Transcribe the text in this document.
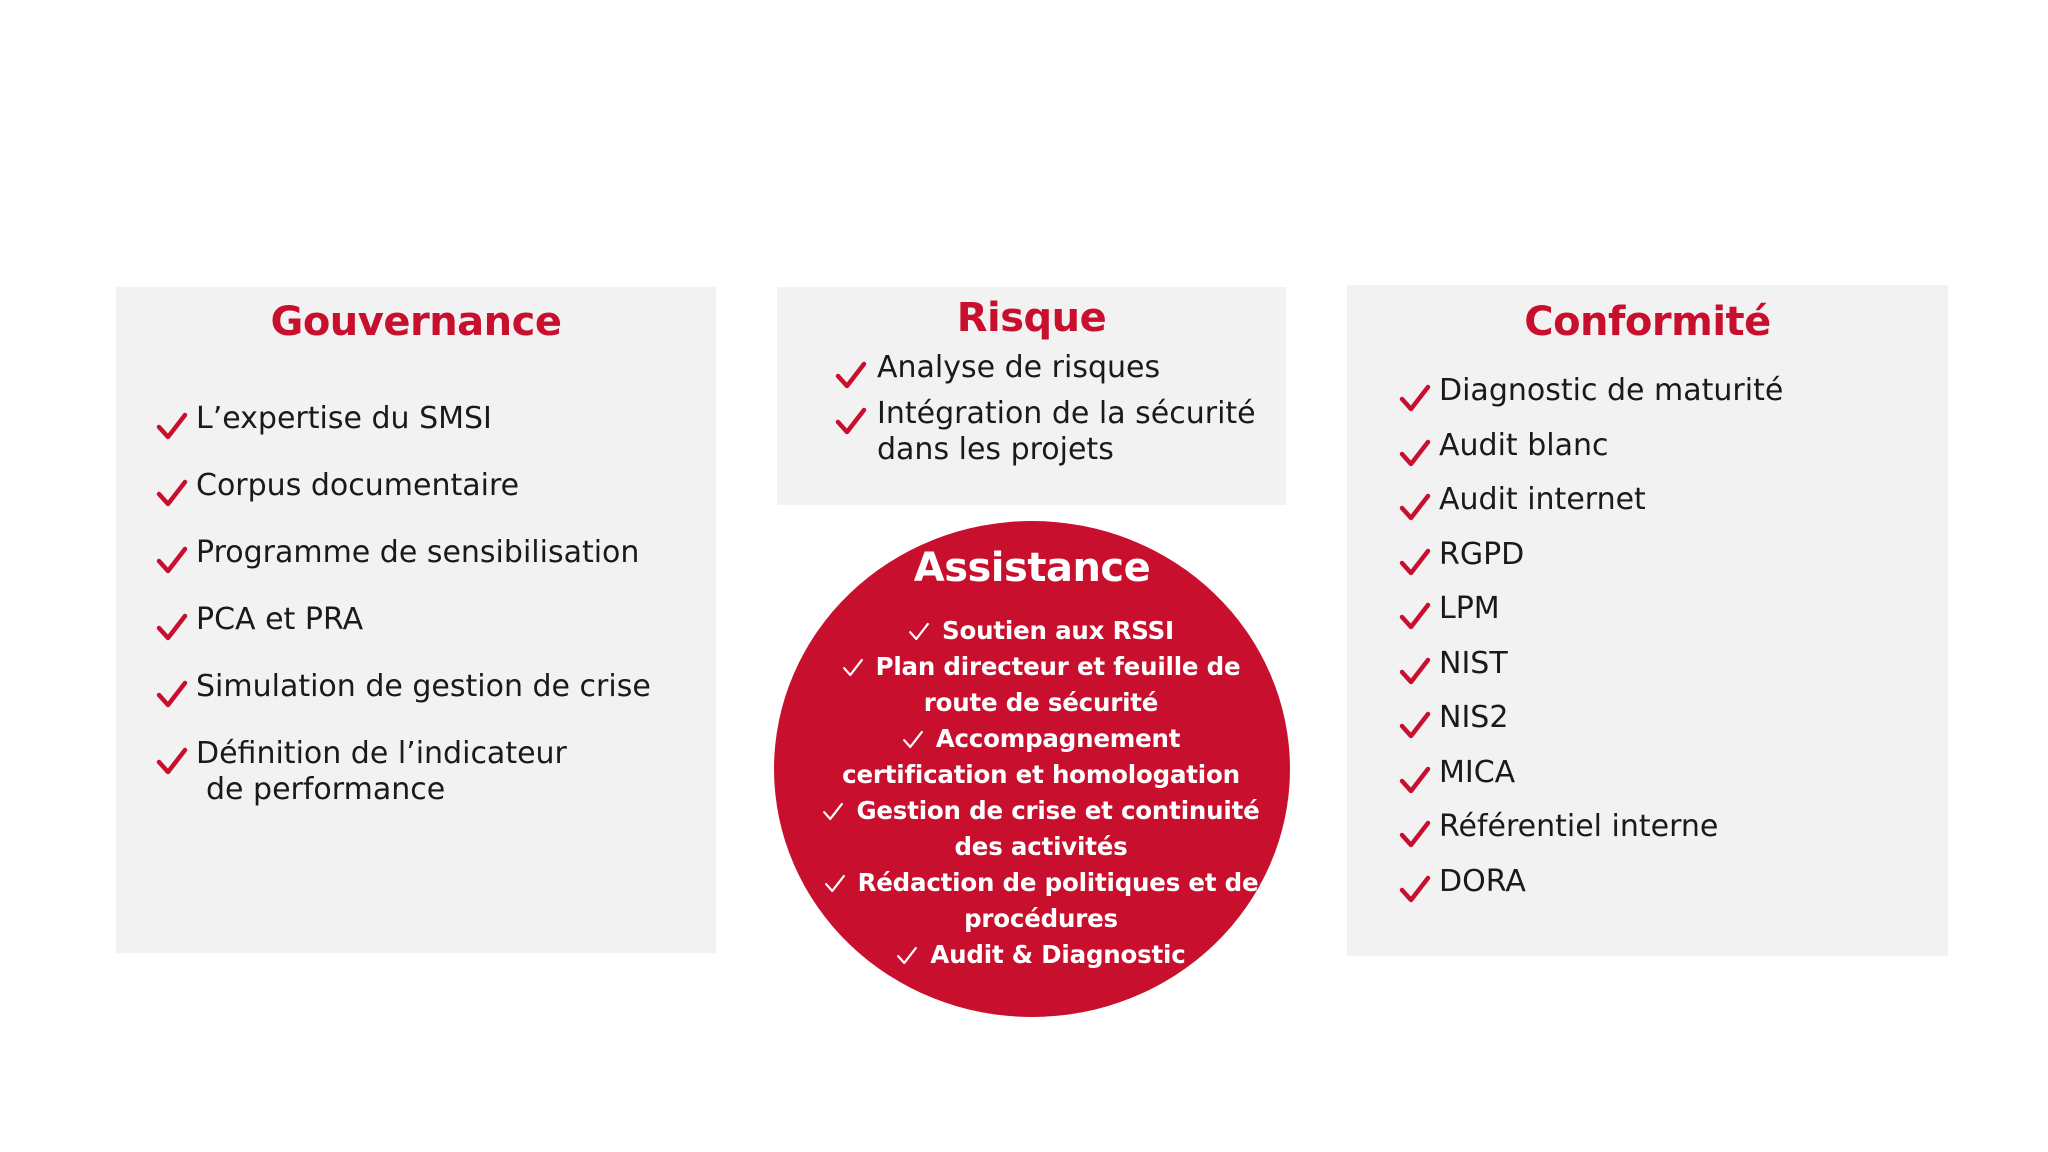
Gouvernance
L’expertise du SMSI
Corpus documentaire
Programme de sensibilisation
PCA et PRA
Simulation de gestion de crise
Définition de l’indicateur
de performance
Risque
Analyse de risques
Intégration de la sécurité dans les projets
Assistance
Soutien aux RSSI
Plan directeur et feuille de route de sécurité
Accompagnement certification et homologation
Gestion de crise et continuité des activités
Rédaction de politiques et de procédures
Audit & Diagnostic
Conformité
Diagnostic de maturité
Audit blanc
Audit internet
RGPD
LPM
NIST
NIS2
MICA
Référentiel interne
DORA
